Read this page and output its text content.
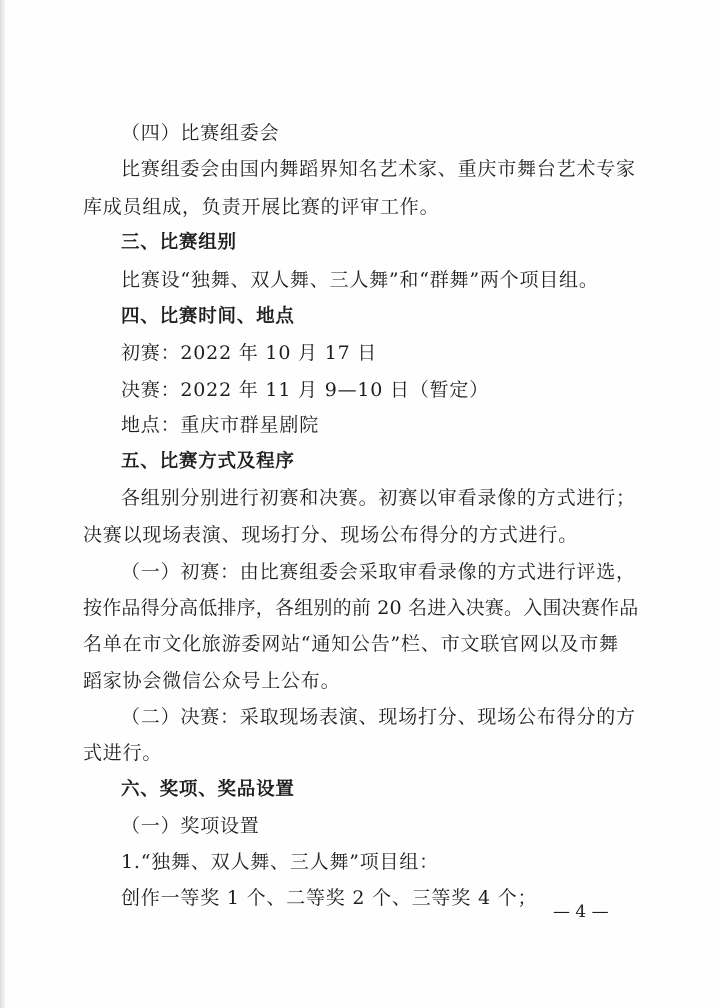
（四）比赛组委会
比赛组委会由国内舞蹈界知名艺术家、重庆市舞台艺术专家
库成员组成，负责开展比赛的评审工作。
三、比赛组别
比赛设“独舞、双人舞、三人舞”和“群舞”两个项目组。
四、比赛时间、地点
初赛：2022 年 10 月 17 日
决赛：2022 年 11 月 9—10 日（暂定）
地点：重庆市群星剧院
五、比赛方式及程序
各组别分别进行初赛和决赛。初赛以审看录像的方式进行；
决赛以现场表演、现场打分、现场公布得分的方式进行。
（一）初赛：由比赛组委会采取审看录像的方式进行评选，
按作品得分高低排序，各组别的前 20 名进入决赛。入围决赛作品
名单在市文化旅游委网站“通知公告”栏、市文联官网以及市舞
蹈家协会微信公众号上公布。
（二）决赛：采取现场表演、现场打分、现场公布得分的方
式进行。
六、奖项、奖品设置
（一）奖项设置
1.“独舞、双人舞、三人舞”项目组：
创作一等奖 1 个、二等奖 2 个、三等奖 4 个；
— 4 —
